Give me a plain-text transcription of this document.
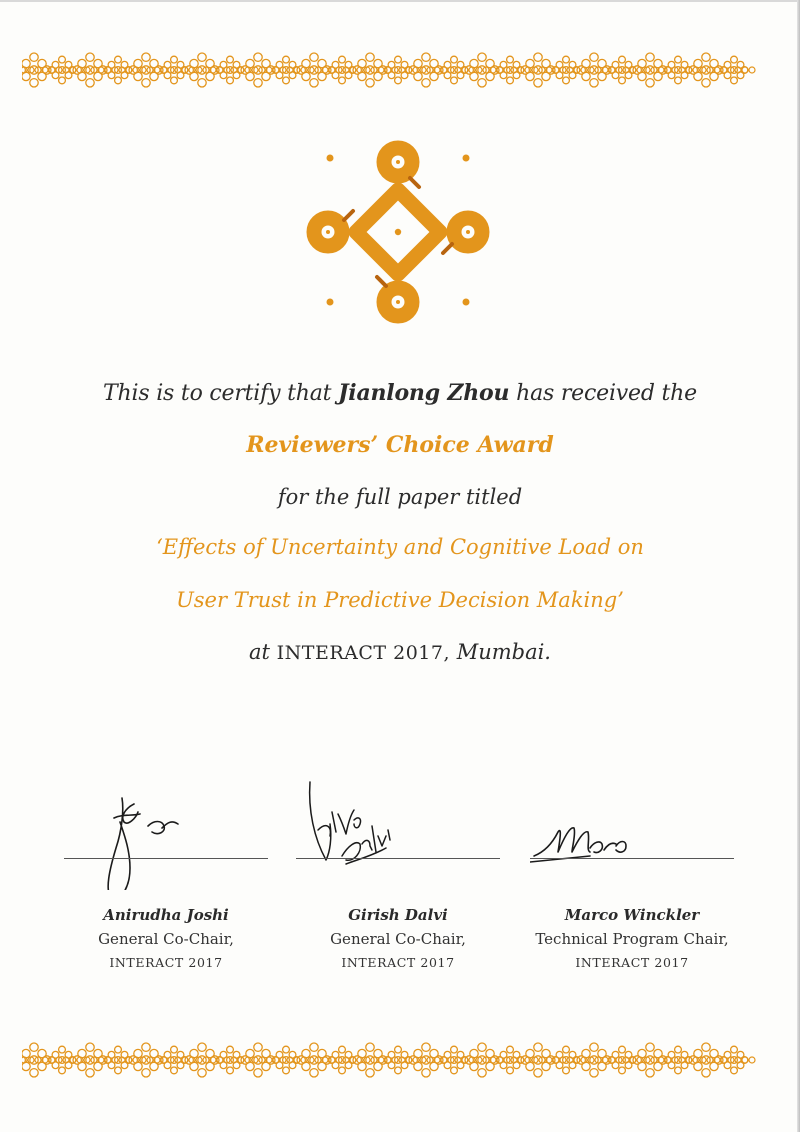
This is to certify that Jianlong Zhou has received the
Reviewers’ Choice Award
for the full paper titled
‘Effects of Uncertainty and Cognitive Load on
User Trust in Predictive Decision Making’
at INTERACT 2017, Mumbai.
Anirudha Joshi
General Co-Chair,
INTERACT 2017
Girish Dalvi
General Co-Chair,
INTERACT 2017
Marco Winckler
Technical Program Chair,
INTERACT 2017
